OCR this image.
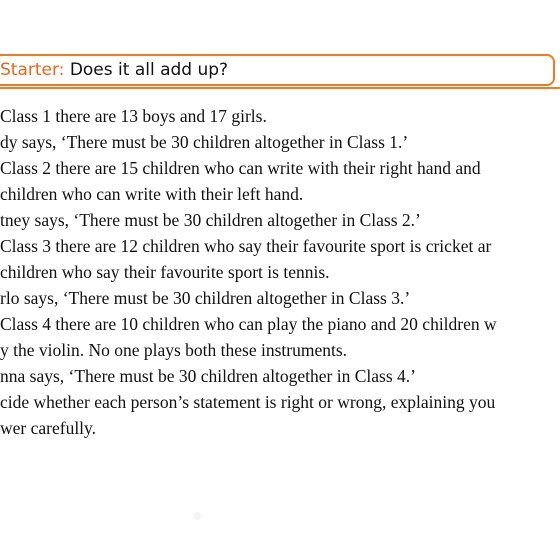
Starter: Does it all add up?
Class 1 there are 13 boys and 17 girls.
dy says, ‘There must be 30 children altogether in Class 1.’
Class 2 there are 15 children who can write with their right hand and
children who can write with their left hand.
tney says, ‘There must be 30 children altogether in Class 2.’
Class 3 there are 12 children who say their favourite sport is cricket ar
children who say their favourite sport is tennis.
rlo says, ‘There must be 30 children altogether in Class 3.’
Class 4 there are 10 children who can play the piano and 20 children w
y the violin. No one plays both these instruments.
nna says, ‘There must be 30 children altogether in Class 4.’
cide whether each person’s statement is right or wrong, explaining you
wer carefully.
